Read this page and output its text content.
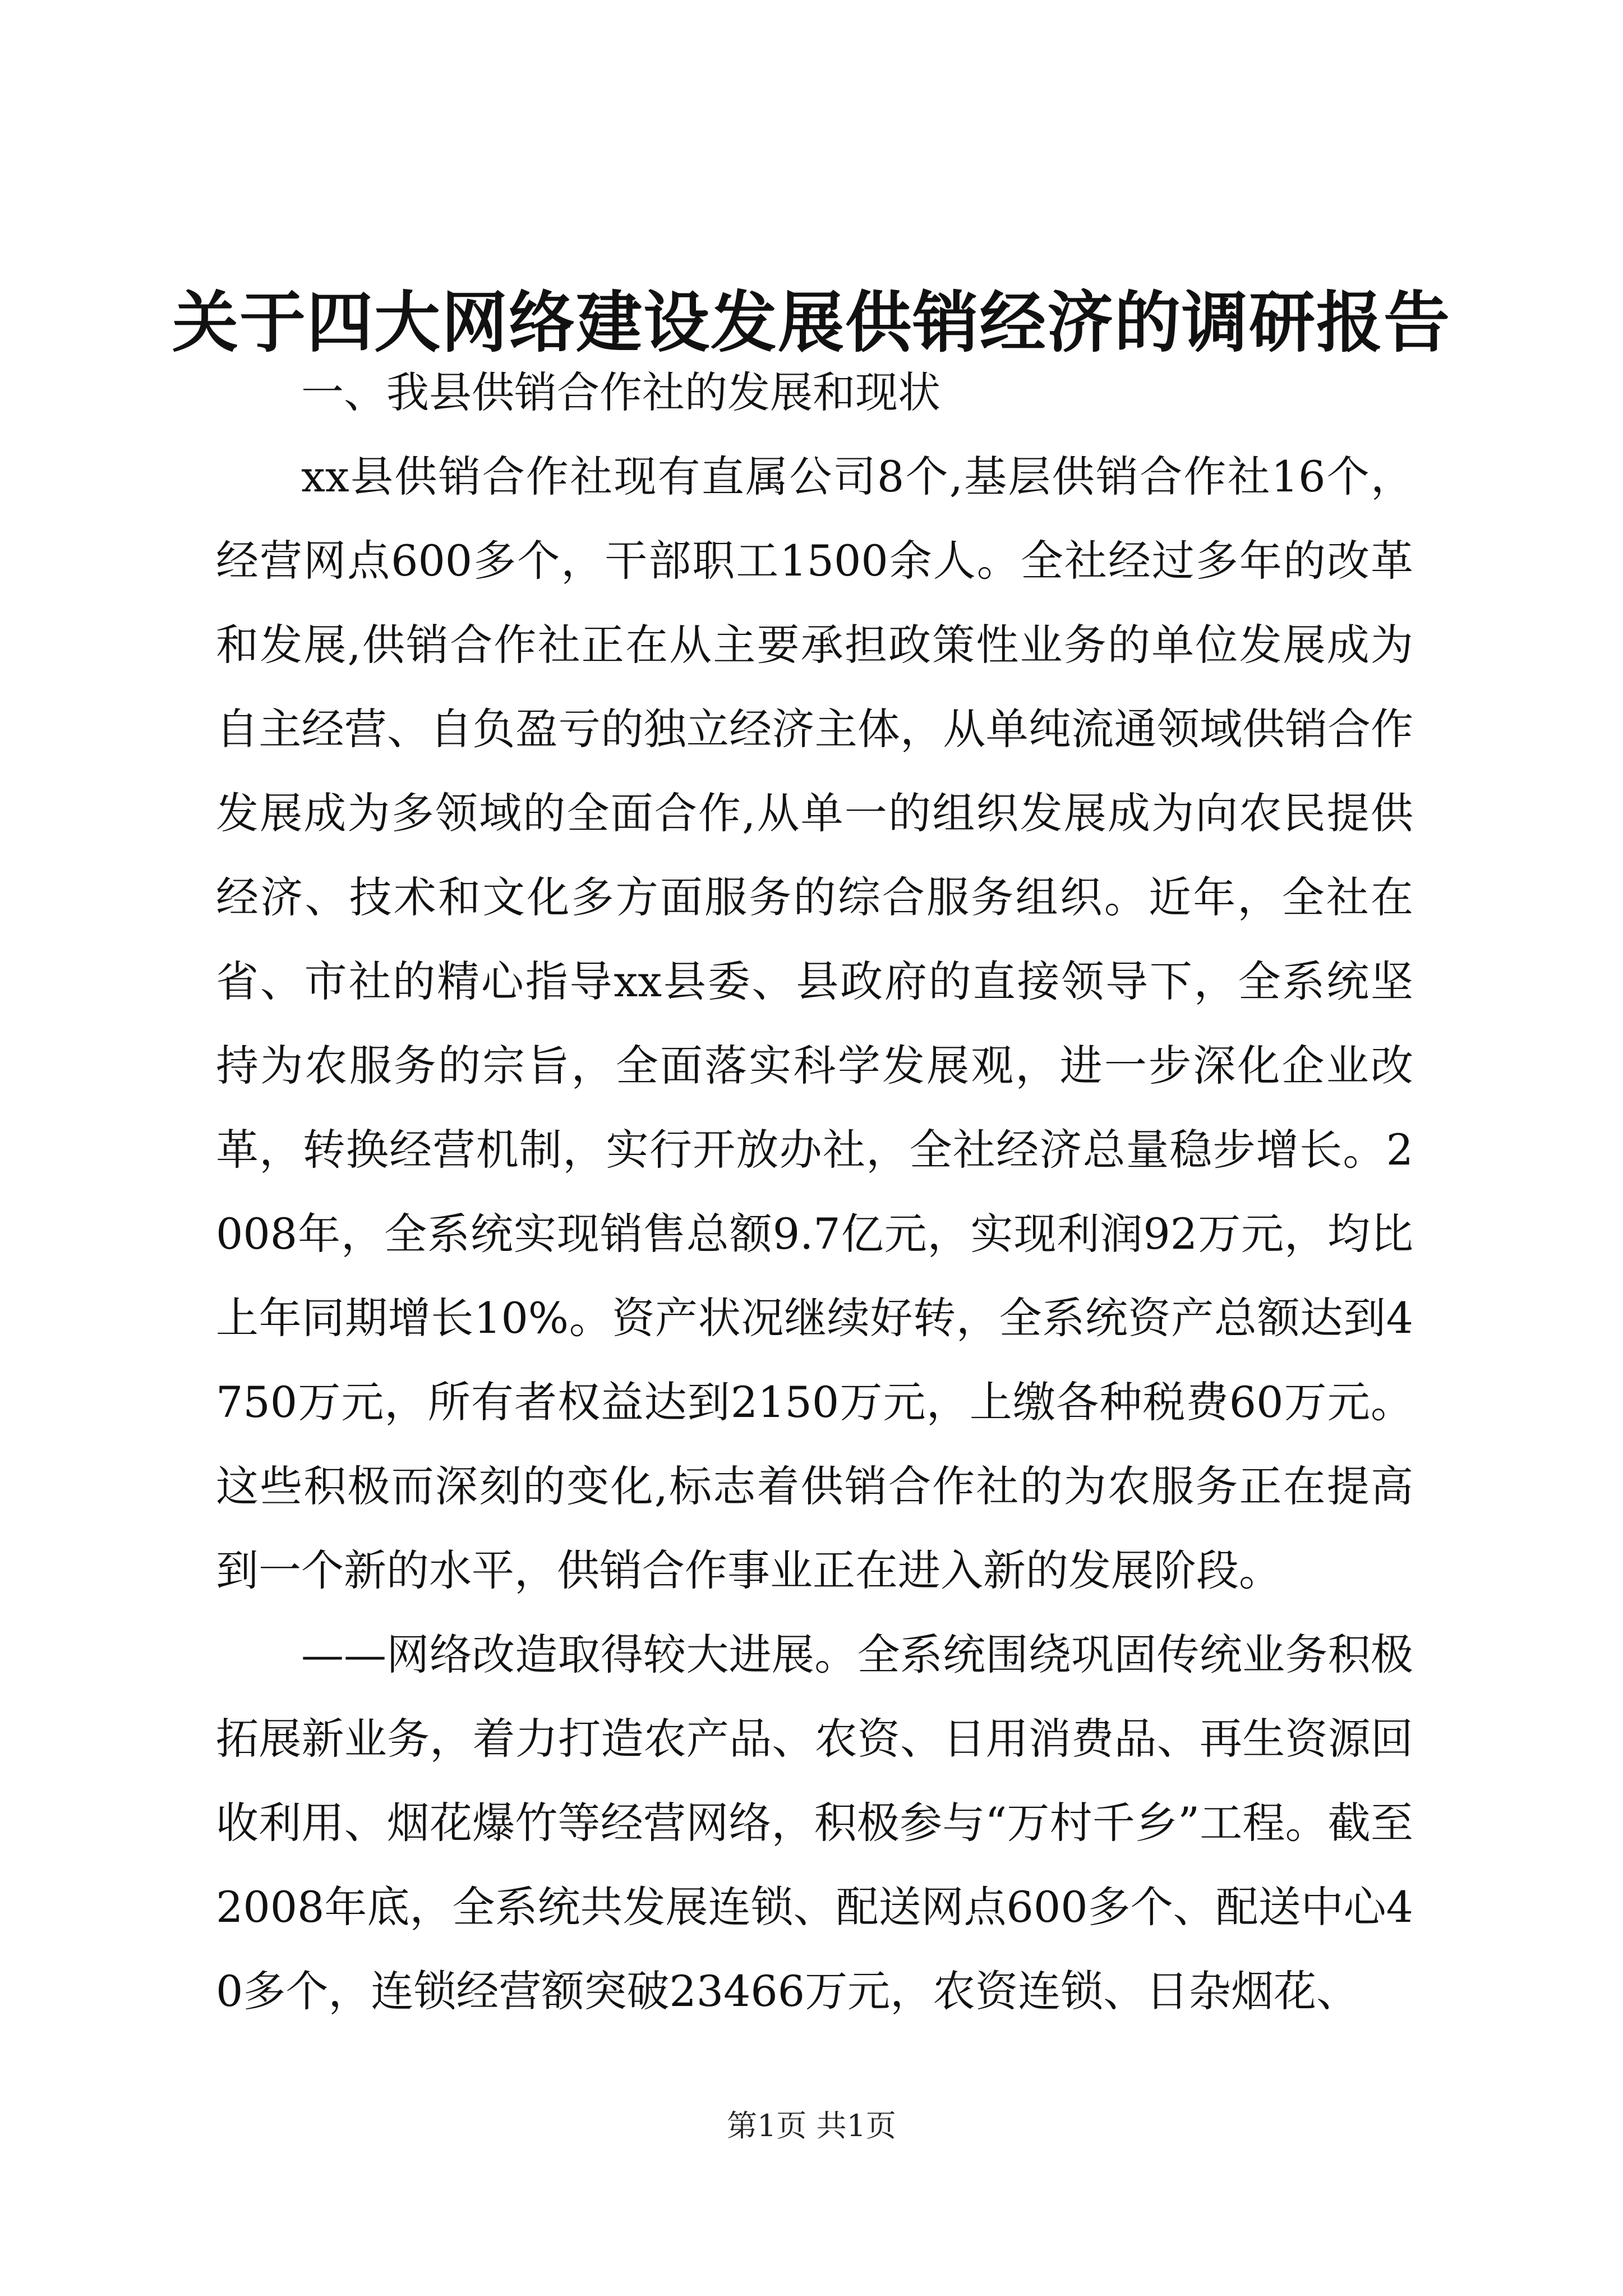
关于四大网络建设发展供销经济的调研报告

一、我县供销合作社的发展和现状

xx县供销合作社现有直属公司8个,基层供销合作社16个，经营网点600多个，干部职工1500余人。全社经过多年的改革和发展,供销合作社正在从主要承担政策性业务的单位发展成为自主经营、自负盈亏的独立经济主体，从单纯流通领域供销合作发展成为多领域的全面合作,从单一的组织发展成为向农民提供经济、技术和文化多方面服务的综合服务组织。近年，全社在省、市社的精心指导xx县委、县政府的直接领导下，全系统坚持为农服务的宗旨，全面落实科学发展观，进一步深化企业改革，转换经营机制，实行开放办社，全社经济总量稳步增长。2008年，全系统实现销售总额9.7亿元，实现利润92万元，均比上年同期增长10%。资产状况继续好转，全系统资产总额达到4750万元，所有者权益达到2150万元，上缴各种税费60万元。这些积极而深刻的变化,标志着供销合作社的为农服务正在提高到一个新的水平，供销合作事业正在进入新的发展阶段。

——网络改造取得较大进展。全系统围绕巩固传统业务积极拓展新业务，着力打造农产品、农资、日用消费品、再生资源回收利用、烟花爆竹等经营网络，积极参与“万村千乡”工程。截至2008年底，全系统共发展连锁、配送网点600多个、配送中心40多个，连锁经营额突破23466万元，农资连锁、日杂烟花、

第1页 共1页
